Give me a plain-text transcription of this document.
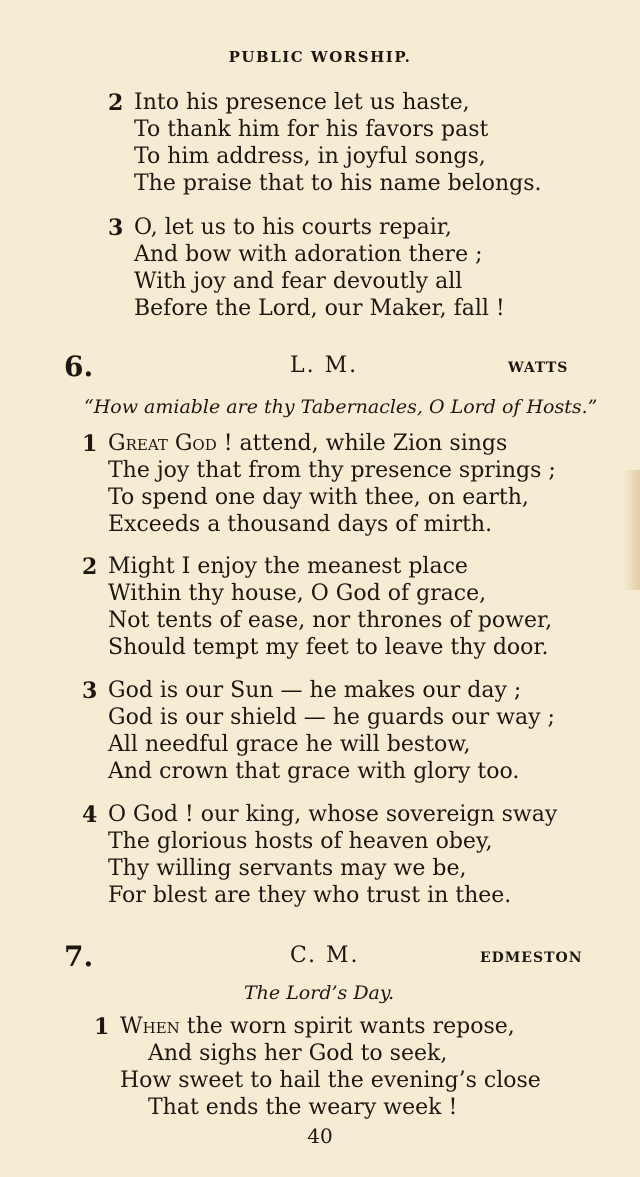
PUBLIC WORSHIP.
2 Into his presence let us haste,
To thank him for his favors past
To him address, in joyful songs,
The praise that to his name belongs.
3 O, let us to his courts repair,
And bow with adoration there ;
With joy and fear devoutly all
Before the Lord, our Maker, fall !
6.	L. M.	WATTS
“How amiable are thy Tabernacles, O Lord of Hosts.”
1 Great God ! attend, while Zion sings
The joy that from thy presence springs ;
To spend one day with thee, on earth,
Exceeds a thousand days of mirth.
2 Might I enjoy the meanest place
Within thy house, O God of grace,
Not tents of ease, nor thrones of power,
Should tempt my feet to leave thy door.
3 God is our Sun — he makes our day ;
God is our shield — he guards our way ;
All needful grace he will bestow,
And crown that grace with glory too.
4 O God ! our king, whose sovereign sway
The glorious hosts of heaven obey,
Thy willing servants may we be,
For blest are they who trust in thee.
7.	C. M.	EDMESTON
The Lord’s Day.
1 When the worn spirit wants repose,
And sighs her God to seek,
How sweet to hail the evening’s close
That ends the weary week !
40
